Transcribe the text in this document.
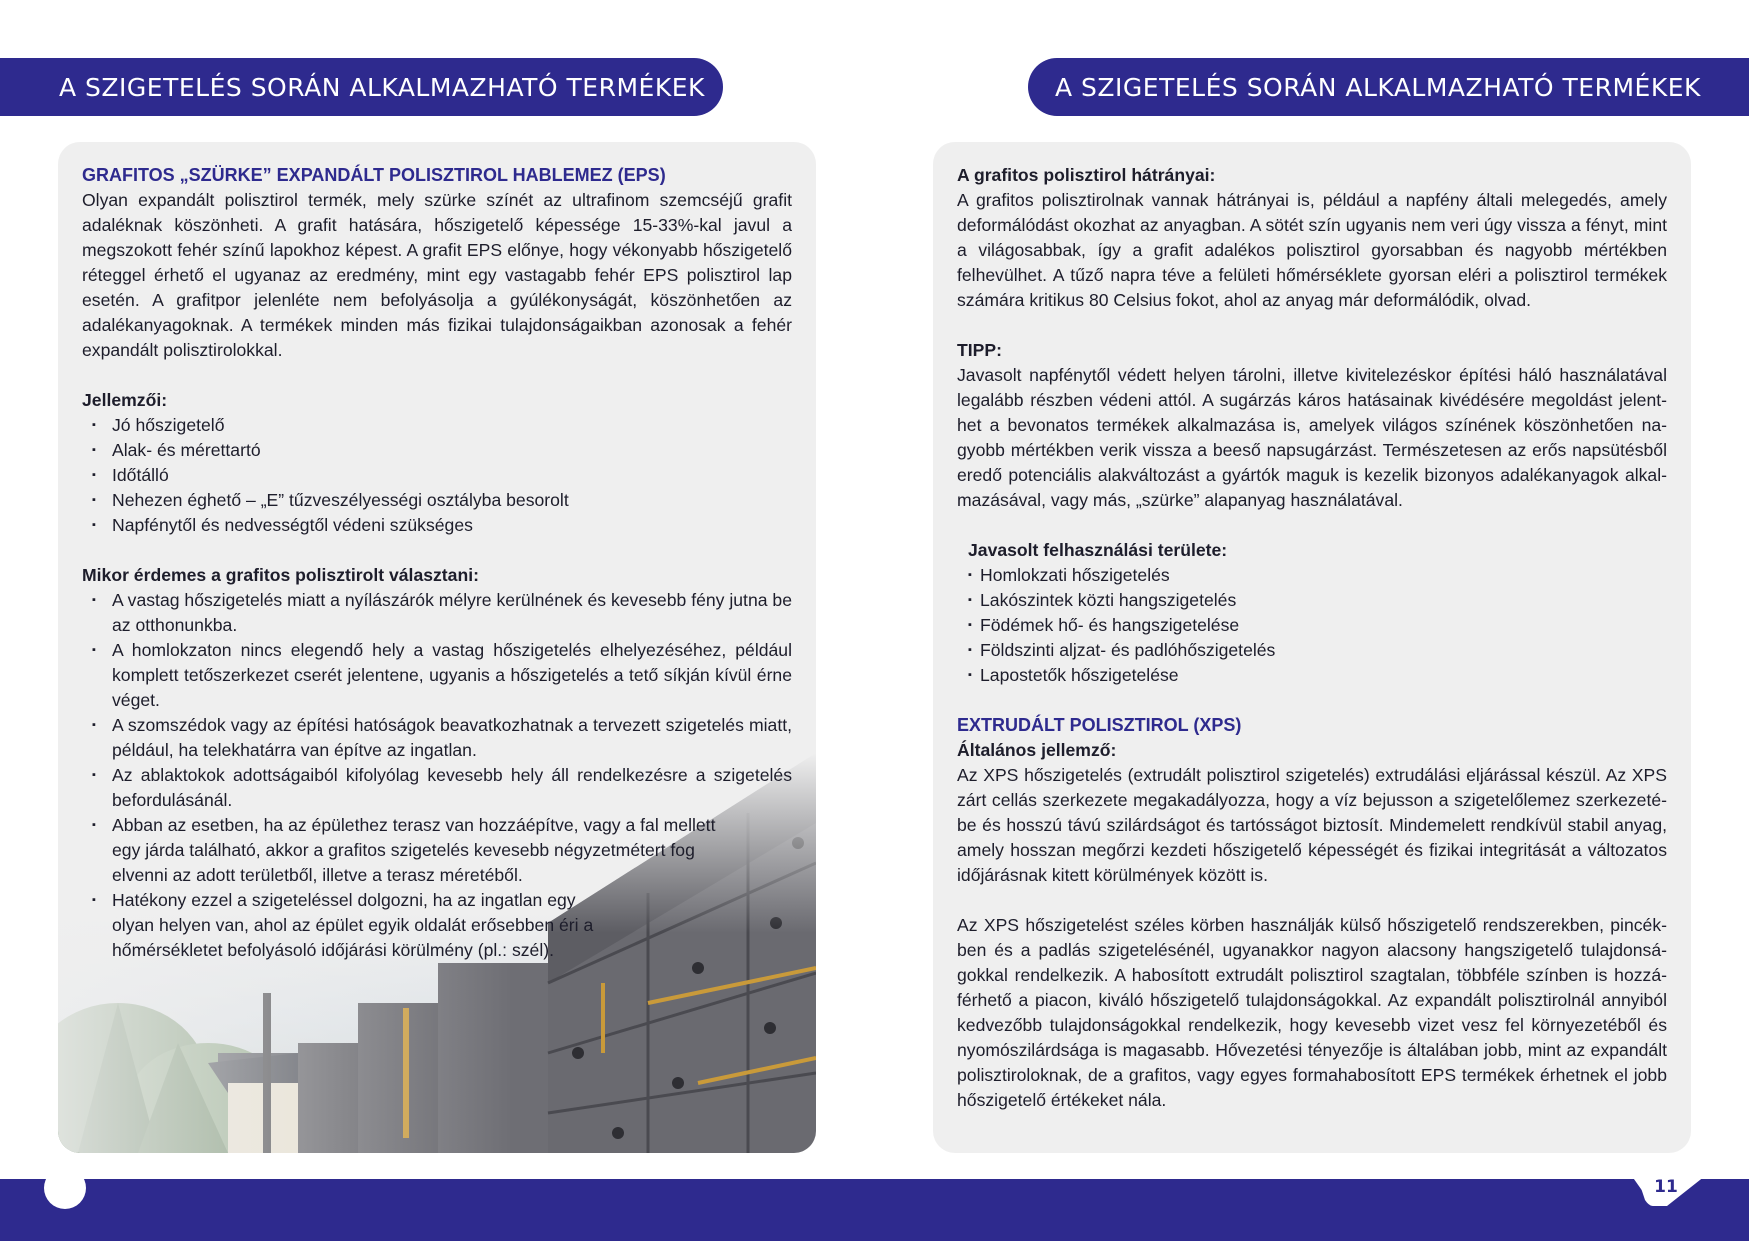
A SZIGETELÉS SORÁN ALKALMAZHATÓ TERMÉKEK	A SZIGETELÉS SORÁN ALKALMAZHATÓ TERMÉKEK
GRAFITOS „SZÜRKE” EXPANDÁLT POLISZTIROL HABLEMEZ (EPS)

Olyan expandált polisztirol termék, mely szürke színét az ultrafinom szemcséjű grafit adaléknak köszönheti. A grafit hatására, hőszigetelő képessége 15-33%-kal javul a megszokott fehér színű lapokhoz képest. A grafit EPS előnye, hogy vékonyabb hőszigetelő réteggel érhető el ugyanaz az eredmény, mint egy vastagabb fehér EPS polisztirol lap esetén. A grafitpor jelenléte nem befolyásolja a gyúlékonyságát, köszönhetően az adalékanyagoknak. A termékek minden más fizikai tulajdonságaikban azonosak a fehér expandált polisztirolokkal.

Jellemzői:
▪ Jó hőszigetelő
▪ Alak- és mérettartó
▪ Időtálló
▪ Nehezen éghető – „E” tűzveszélyességi osztályba besorolt
▪ Napfénytől és nedvességtől védeni szükséges
Mikor érdemes a grafitos polisztirolt választani:
▪ A vastag hőszigetelés miatt a nyílászárók mélyre kerülnének és kevesebb fény jutna be az otthonunkba.
▪ A homlokzaton nincs elegendő hely a vastag hőszigetelés elhelyezéséhez, például komplett tetőszerkezet cserét jelentene, ugyanis a hőszigetelés a tető síkján kívül érne véget.
▪ A szomszédok vagy az építési hatóságok beavatkozhatnak a tervezett szigetelés miatt, például, ha telekhatárra van építve az ingatlan.
▪ Az ablaktokok adottságaiból kifolyólag kevesebb hely áll rendelkezésre a szigetelés befordulásánál.
▪ Abban az esetben, ha az épülethez terasz van hozzáépítve, vagy a fal mellett egy járda található, akkor a grafitos szigetelés kevesebb négyzetmétert fog elvenni az adott területből, illetve a terasz méretéből.
▪ Hatékony ezzel a szigeteléssel dolgozni, ha az ingatlan egy olyan helyen van, ahol az épület egyik oldalát erősebben éri a hőmérsékletet befolyásoló időjárási körülmény (pl.: szél).
A grafitos polisztirol hátrányai:

A grafitos polisztirolnak vannak hátrányai is, például a napfény általi melegedés, amely deformálódást okozhat az anyagban. A sötét szín ugyanis nem veri úgy vissza a fényt, mint a világosabbak, így a grafit adalékos polisztirol gyorsabban és nagyobb mértékben felhevülhet. A tűző napra téve a felületi hőmérséklete gyorsan eléri a polisztirol termékek számára kritikus 80 Celsius fokot, ahol az anyag már deformálódik, olvad.

TIPP:

Javasolt napfénytől védett helyen tárolni, illetve kivitelezéskor építési háló használatával legalább részben védeni attól. A sugárzás káros hatásainak kivédésére megoldást jelenthet a bevonatos termékek alkalmazása is, amelyek világos színének köszönhetően nagyobb mértékben verik vissza a beeső napsugárzást. Természetesen az erős napsütésből eredő potenciális alakváltozást a gyártók maguk is kezelik bizonyos adalékanyagok alkalmazásával, vagy más, „szürke” alapanyag használatával.

Javasolt felhasználási területe:
▪ Homlokzati hőszigetelés
▪ Lakószintek közti hangszigetelés
▪ Födémek hő- és hangszigetelése
▪ Földszinti aljzat- és padlóhőszigetelés
▪ Lapostetők hőszigetelése
EXTRUDÁLT POLISZTIROL (XPS)
Általános jellemző:

Az XPS hőszigetelés (extrudált polisztirol szigetelés) extrudálási eljárással készül. Az XPS zárt cellás szerkezete megakadályozza, hogy a víz bejusson a szigetelőlemez szerkezetébe és hosszú távú szilárdságot és tartósságot biztosít. Mindemelett rendkívül stabil anyag, amely hosszan megőrzi kezdeti hőszigetelő képességét és fizikai integritását a változatos időjárásnak kitett körülmények között is.

Az XPS hőszigetelést széles körben használják külső hőszigetelő rendszerekben, pincékben és a padlás szigetelésénél, ugyanakkor nagyon alacsony hangszigetelő tulajdonságokkal rendelkezik. A habosított extrudált polisztirol szagtalan, többféle színben is hozzáférhető a piacon, kiváló hőszigetelő tulajdonságokkal. Az expandált polisztirolnál annyiból kedvezőbb tulajdonságokkal rendelkezik, hogy kevesebb vizet vesz fel környezetéből és nyomószilárdsága is magasabb. Hővezetési tényezője is általában jobb, mint az expandált polisztiroloknak, de a grafitos, vagy egyes formahabosított EPS termékek érhetnek el jobb hőszigetelő értékeket nála.

11
